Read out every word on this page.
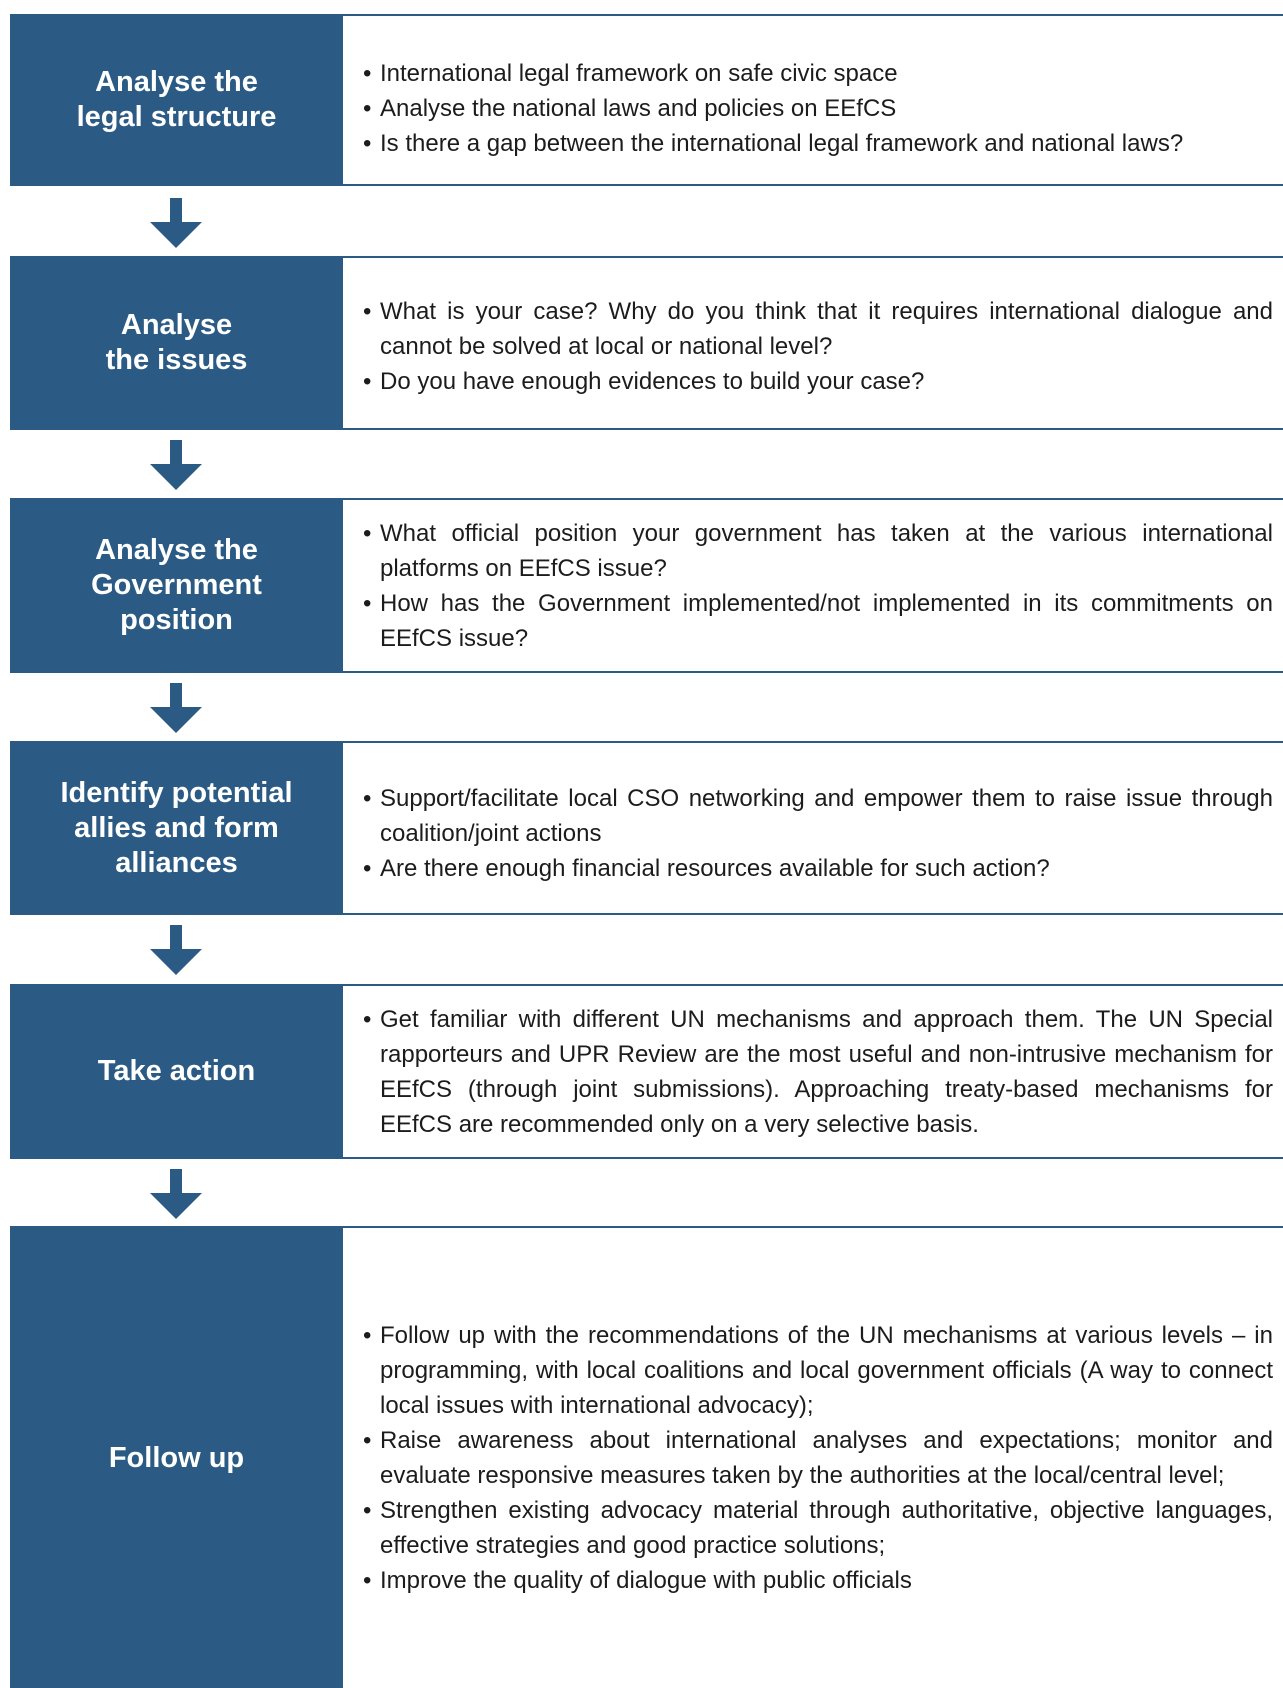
Analyse the
legal structure
• International legal framework on safe civic space
• Analyse the national laws and policies on EEfCS
• Is there a gap between the international legal framework and national laws?
Analyse
the issues
• What is your case? Why do you think that it requires international dialogue and cannot be solved at local or national level?
• Do you have enough evidences to build your case?
Analyse the
Government
position
• What official position your government has taken at the various international platforms on EEfCS issue?
• How has the Government implemented/not implemented in its commitments on EEfCS issue?
Identify potential
allies and form
alliances
• Support/facilitate local CSO networking and empower them to raise issue through coalition/joint actions
• Are there enough financial resources available for such action?
Take action
• Get familiar with different UN mechanisms and approach them. The UN Special rapporteurs and UPR Review are the most useful and non-intrusive mechanism for EEfCS (through joint submissions). Approaching treaty-based mechanisms for EEfCS are recommended only on a very selective basis.
Follow up
• Follow up with the recommendations of the UN mechanisms at various levels – in programming, with local coalitions and local government officials (A way to connect local issues with international advocacy);
• Raise awareness about international analyses and expectations; monitor and evaluate responsive measures taken by the authorities at the local/central level;
• Strengthen existing advocacy material through authoritative, objective languages, effective strategies and good practice solutions;
• Improve the quality of dialogue with public officials
